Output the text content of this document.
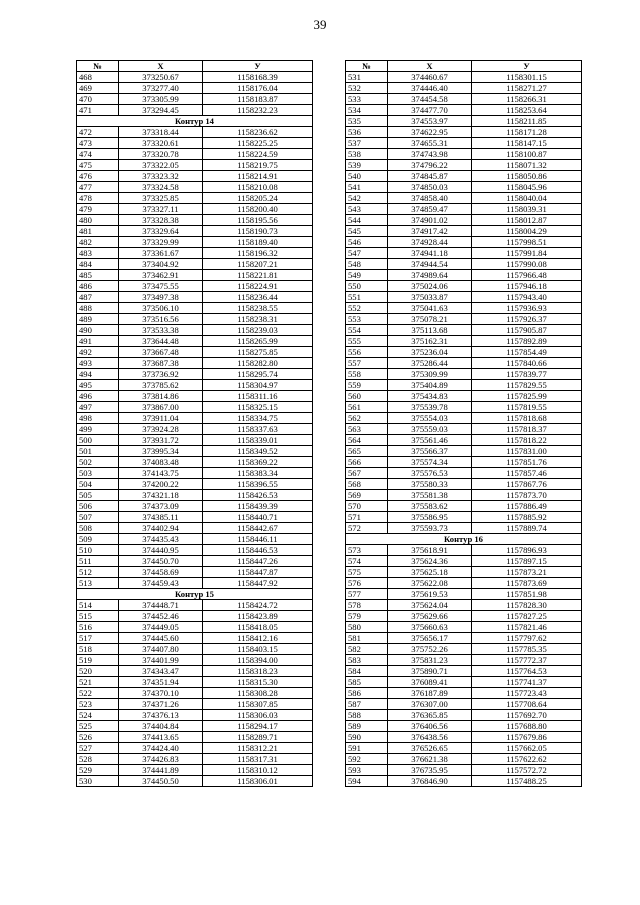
39
№	X	У
468	373250.67	1158168.39
469	373277.40	1158176.04
470	373305.99	1158183.87
471	373294.45	1158232.23
Контур 14		
472	373318.44	1158236.62
473	373320.61	1158225.25
474	373320.78	1158224.59
475	373322.05	1158219.75
476	373323.32	1158214.91
477	373324.58	1158210.08
478	373325.85	1158205.24
479	373327.11	1158200.40
480	373328.38	1158195.56
481	373329.64	1158190.73
482	373329.99	1158189.40
483	373361.67	1158196.32
484	373404.92	1158207.21
485	373462.91	1158221.81
486	373475.55	1158224.91
487	373497.38	1158236.44
488	373506.10	1158238.55
489	373516.56	1158238.31
490	373533.38	1158239.03
491	373644.48	1158265.99
492	373667.48	1158275.85
493	373687.38	1158282.80
494	373736.92	1158295.74
495	373785.62	1158304.97
496	373814.86	1158311.16
497	373867.00	1158325.15
498	373911.04	1158334.75
499	373924.28	1158337.63
500	373931.72	1158339.01
501	373995.34	1158349.52
502	374083.48	1158369.22
503	374143.75	1158383.34
504	374200.22	1158396.55
505	374321.18	1158426.53
506	374373.09	1158439.39
507	374385.11	1158440.71
508	374402.94	1158442.67
509	374435.43	1158446.11
510	374440.95	1158446.53
511	374450.70	1158447.26
512	374458.69	1158447.87
513	374459.43	1158447.92
Контур 15		
514	374448.71	1158424.72
515	374452.46	1158423.89
516	374449.05	1158418.05
517	374445.60	1158412.16
518	374407.80	1158403.15
519	374401.99	1158394.00
520	374343.47	1158318.23
521	374351.94	1158315.30
522	374370.10	1158308.28
523	374371.26	1158307.85
524	374376.13	1158306.03
525	374404.84	1158294.17
526	374413.65	1158289.71
527	374424.40	1158312.21
528	374426.83	1158317.31
529	374441.89	1158310.12
530	374450.50	1158306.01
№	X	У
531	374460.67	1158301.15
532	374446.40	1158271.27
533	374454.58	1158266.31
534	374477.70	1158253.64
535	374553.97	1158211.85
536	374622.95	1158171.28
537	374655.31	1158147.15
538	374743.98	1158100.87
539	374796.22	1158071.32
540	374845.87	1158050.86
541	374850.03	1158045.96
542	374858.40	1158040.04
543	374859.47	1158039.31
544	374901.02	1158012.87
545	374917.42	1158004.29
546	374928.44	1157998.51
547	374941.18	1157991.84
548	374944.54	1157990.08
549	374989.64	1157966.48
550	375024.06	1157946.18
551	375033.87	1157943.40
552	375041.63	1157936.93
553	375078.21	1157926.37
554	375113.68	1157905.87
555	375162.31	1157892.89
556	375236.04	1157854.49
557	375286.44	1157840.66
558	375309.99	1157839.77
559	375404.89	1157829.55
560	375434.83	1157825.99
561	375539.78	1157819.55
562	375554.03	1157818.68
563	375559.03	1157818.37
564	375561.46	1157818.22
565	375566.37	1157831.00
566	375574.34	1157851.76
567	375576.53	1157857.46
568	375580.33	1157867.76
569	375581.38	1157873.70
570	375583.62	1157886.49
571	375586.95	1157885.92
572	375593.73	1157889.74
Контур 16		
573	375618.91	1157896.93
574	375624.36	1157897.15
575	375625.18	1157873.21
576	375622.08	1157873.69
577	375619.53	1157851.98
578	375624.04	1157828.30
579	375629.66	1157827.25
580	375660.63	1157821.46
581	375656.17	1157797.62
582	375752.26	1157785.35
583	375831.23	1157772.37
584	375890.71	1157764.53
585	376089.41	1157741.37
586	376187.89	1157723.43
587	376307.00	1157708.64
588	376365.85	1157692.70
589	376406.56	1157688.80
590	376438.56	1157679.86
591	376526.65	1157662.05
592	376621.38	1157622.62
593	376735.95	1157572.72
594	376846.90	1157488.25
